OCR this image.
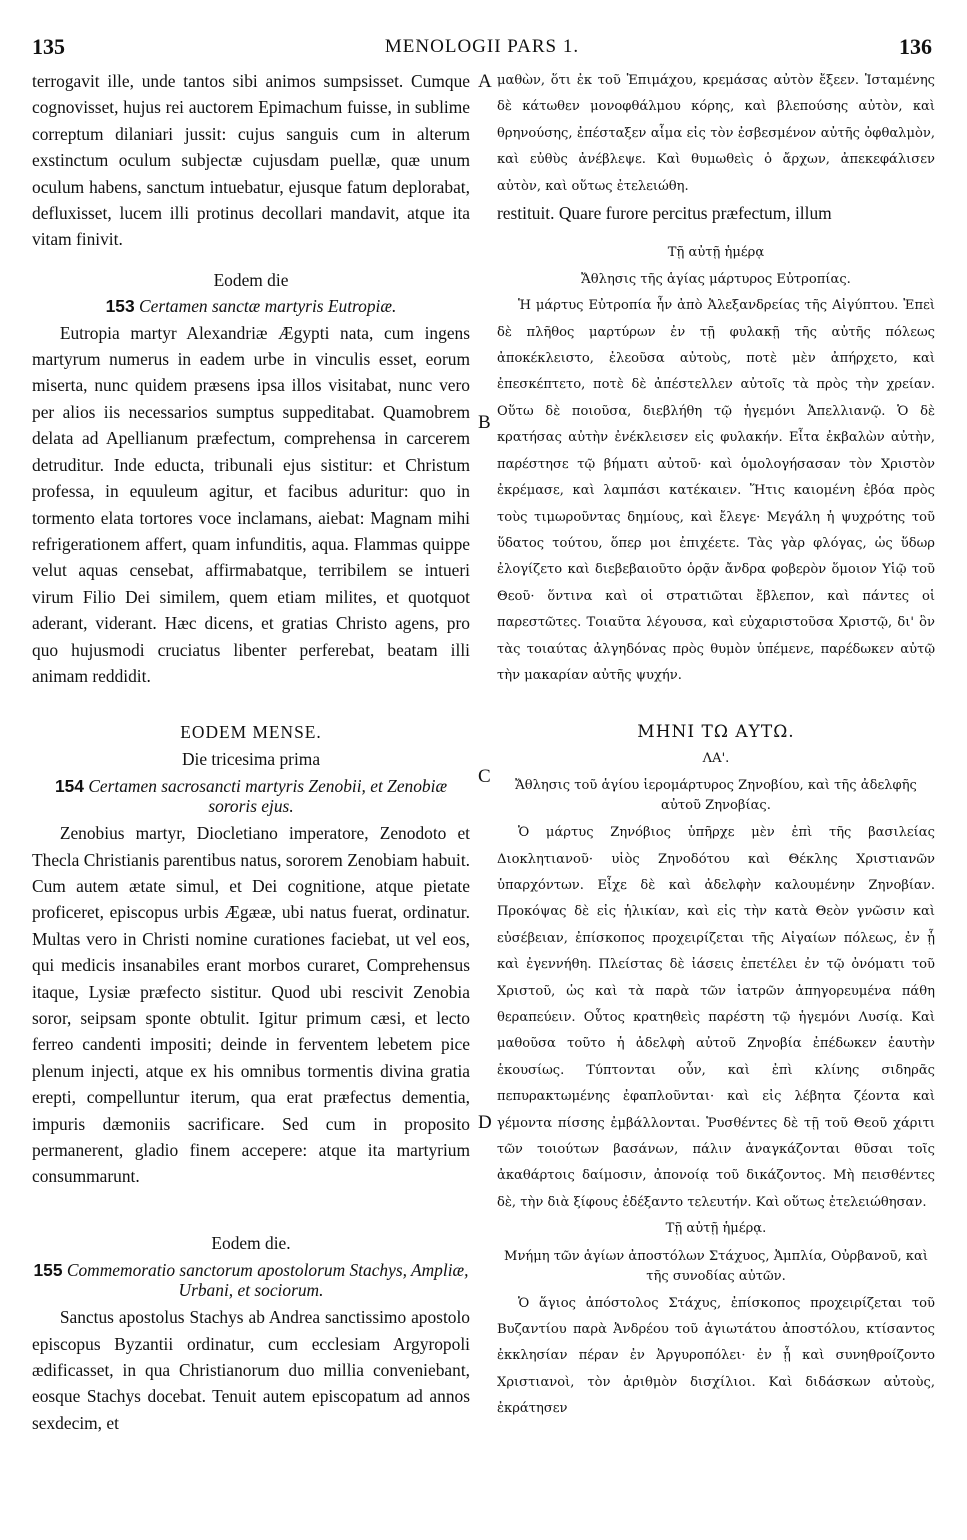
135	MENOLOGII PARS 1.	136
A
B
C
D

terrogavit ille, unde tantos sibi animos sumpsisset. Cumque cognovisset, hujus rei auctorem Epimachum fuisse, in sublime correptum dilaniari jussit: cujus sanguis cum in alterum exstinctum oculum subjectæ cujusdam puellæ, quæ unum oculum habens, sanctum intuebatur, ejusque fatum deplorabat, defluxisset, lucem illi protinus decollari mandavit, atque ita vitam finivit.

Eodem die

153 Certamen sanctæ martyris Eutropiæ.

Eutropia martyr Alexandriæ Ægypti nata, cum ingens martyrum numerus in eadem urbe in vinculis esset, eorum miserta, nunc quidem præsens ipsa illos visitabat, nunc vero per alios iis necessarios sumptus suppeditabat. Quamobrem delata ad Apellianum præfectum, comprehensa in carcerem detruditur. Inde educta, tribunali ejus sistitur: et Christum professa, in equuleum agitur, et facibus aduritur: quo in tormento elata tortores voce inclamans, aiebat: Magnam mihi refrigerationem affert, quam infunditis, aqua. Flammas quippe velut aquas censebat, affirmabatque, terribilem se intueri virum Filio Dei similem, quem etiam milites, et quotquot aderant, viderant. Hæc dicens, et gratias Christo agens, pro quo hujusmodi cruciatus libenter perferebat, beatam illi animam reddidit.

EODEM MENSE.

Die tricesima prima

154 Certamen sacrosancti martyris Zenobii, et Zenobiæ sororis ejus.

Zenobius martyr, Diocletiano imperatore, Zenodoto et Thecla Christianis parentibus natus, sororem Zenobiam habuit. Cum autem ætate simul, et Dei cognitione, atque pietate proficeret, episcopus urbis Ægææ, ubi natus fuerat, ordinatur. Multas vero in Christi nomine curationes faciebat, ut vel eos, qui medicis insanabiles erant morbos curaret, Comprehensus itaque, Lysiæ præfecto sistitur. Quod ubi rescivit Zenobia soror, seipsam sponte obtulit. Igitur primum cæsi, et lecto ferreo candenti impositi; deinde in ferventem lebetem pice plenum injecti, atque ex his omnibus tormentis divina gratia erepti, compelluntur iterum, qua erat præfectus dementia, impuris dæmoniis sacrificare. Sed cum in proposito permanerent, gladio finem accepere: atque ita martyrium consummarunt.

Eodem die.

155 Commemoratio sanctorum apostolorum Stachys, Ampliæ, Urbani, et sociorum.

Sanctus apostolus Stachys ab Andrea sanctissimo apostolo episcopus Byzantii ordinatur, cum ecclesiam Argyropoli ædificasset, in qua Christianorum duo millia conveniebant, eosque Stachys docebat. Tenuit autem episcopatum ad annos sexdecim, et

μαθὼν, ὅτι ἐκ τοῦ Ἐπιμάχου, κρεμάσας αὐτὸν ἔξεεν. Ἱσταμένης δὲ κάτωθεν μονοφθάλμου κόρης, καὶ βλεπούσης αὐτὸν, καὶ θρηνούσης, ἐπέσταξεν αἷμα εἰς τὸν ἐσβεσμένον αὐτῆς ὀφθαλμὸν, καὶ εὐθὺς ἀνέβλεψε. Καὶ θυμωθεὶς ὁ ἄρχων, ἀπεκεφάλισεν αὐτὸν, καὶ οὕτως ἐτελειώθη.

restituit. Quare furore percitus præfectum, illum

Τῇ αὐτῇ ἡμέρᾳ

Ἄθλησις τῆς ἁγίας μάρτυρος Εὐτροπίας.

Ἡ μάρτυς Εὐτροπία ἦν ἀπὸ Ἀλεξανδρείας τῆς Αἰγύπτου. Ἐπεὶ δὲ πλῆθος μαρτύρων ἐν τῇ φυλακῇ τῆς αὐτῆς πόλεως ἀποκέκλειστο, ἐλεοῦσα αὐτοὺς, ποτὲ μὲν ἀπήρχετο, καὶ ἐπεσκέπτετο, ποτὲ δὲ ἀπέστελλεν αὐτοῖς τὰ πρὸς τὴν χρείαν. Οὕτω δὲ ποιοῦσα, διεβλήθη τῷ ἡγεμόνι Ἀπελλιανῷ. Ὁ δὲ κρατήσας αὐτὴν ἐνέκλεισεν εἰς φυλακήν. Εἶτα ἐκβαλὼν αὐτὴν, παρέστησε τῷ βήματι αὐτοῦ· καὶ ὁμολογήσασαν τὸν Χριστὸν ἐκρέμασε, καὶ λαμπάσι κατέκαιεν. Ἥτις καιομένη ἐβόα πρὸς τοὺς τιμωροῦντας δημίους, καὶ ἔλεγε· Μεγάλη ἡ ψυχρότης τοῦ ὕδατος τούτου, ὅπερ μοι ἐπιχέετε. Τὰς γὰρ φλόγας, ὡς ὕδωρ ἐλογίζετο καὶ διεβεβαιοῦτο ὁρᾷν ἄνδρα φοβερὸν ὅμοιον Υἱῷ τοῦ Θεοῦ· ὅντινα καὶ οἱ στρατιῶται ἔβλεπον, καὶ πάντες οἱ παρεστῶτες. Τοιαῦτα λέγουσα, καὶ εὐχαριστοῦσα Χριστῷ, δι' ὃν τὰς τοιαύτας ἀλγηδόνας πρὸς θυμὸν ὑπέμενε, παρέδωκεν αὐτῷ τὴν μακαρίαν αὐτῆς ψυχήν.

ΜΗΝΙ ΤΩ ΑΥΤΩ.

ΛΑ'.

Ἄθλησις τοῦ ἁγίου ἱερομάρτυρος Ζηνοβίου, καὶ τῆς ἀδελφῆς αὐτοῦ Ζηνοβίας.

Ὁ μάρτυς Ζηνόβιος ὑπῆρχε μὲν ἐπὶ τῆς βασιλείας Διοκλητιανοῦ· υἱὸς Ζηνοδότου καὶ Θέκλης Χριστιανῶν ὑπαρχόντων. Εἶχε δὲ καὶ ἀδελφὴν καλουμένην Ζηνοβίαν. Προκόψας δὲ εἰς ἡλικίαν, καὶ εἰς τὴν κατὰ Θεὸν γνῶσιν καὶ εὐσέβειαν, ἐπίσκοπος προχειρίζεται τῆς Αἰγαίων πόλεως, ἐν ᾗ καὶ ἐγεννήθη. Πλείστας δὲ ἰάσεις ἐπετέλει ἐν τῷ ὀνόματι τοῦ Χριστοῦ, ὡς καὶ τὰ παρὰ τῶν ἰατρῶν ἀπηγορευμένα πάθη θεραπεύειν. Οὗτος κρατηθεὶς παρέστη τῷ ἡγεμόνι Λυσίᾳ. Καὶ μαθοῦσα τοῦτο ἡ ἀδελφὴ αὐτοῦ Ζηνοβία ἐπέδωκεν ἑαυτὴν ἑκουσίως. Τύπτονται οὖν, καὶ ἐπὶ κλίνης σιδηρᾶς πεπυρακτωμένης ἐφαπλοῦνται· καὶ εἰς λέβητα ζέοντα καὶ γέμοντα πίσσης ἐμβάλλονται. Ῥυσθέντες δὲ τῇ τοῦ Θεοῦ χάριτι τῶν τοιούτων βασάνων, πάλιν ἀναγκάζονται θῦσαι τοῖς ἀκαθάρτοις δαίμοσιν, ἀπονοίᾳ τοῦ δικάζοντος. Μὴ πεισθέντες δὲ, τὴν διὰ ξίφους ἐδέξαντο τελευτήν. Καὶ οὕτως ἐτελειώθησαν.

Τῇ αὐτῇ ἡμέρᾳ.

Μνήμη τῶν ἁγίων ἀποστόλων Στάχυος, Ἀμπλία, Οὐρβανοῦ, καὶ τῆς συνοδίας αὐτῶν.

Ὁ ἅγιος ἀπόστολος Στάχυς, ἐπίσκοπος προχειρίζεται τοῦ Βυζαντίου παρὰ Ἀνδρέου τοῦ ἁγιωτάτου ἀποστόλου, κτίσαντος ἐκκλησίαν πέραν ἐν Ἀργυροπόλει· ἐν ᾗ καὶ συνηθροίζοντο Χριστιανοὶ, τὸν ἀριθμὸν δισχίλιοι. Καὶ διδάσκων αὐτοὺς, ἐκράτησεν
